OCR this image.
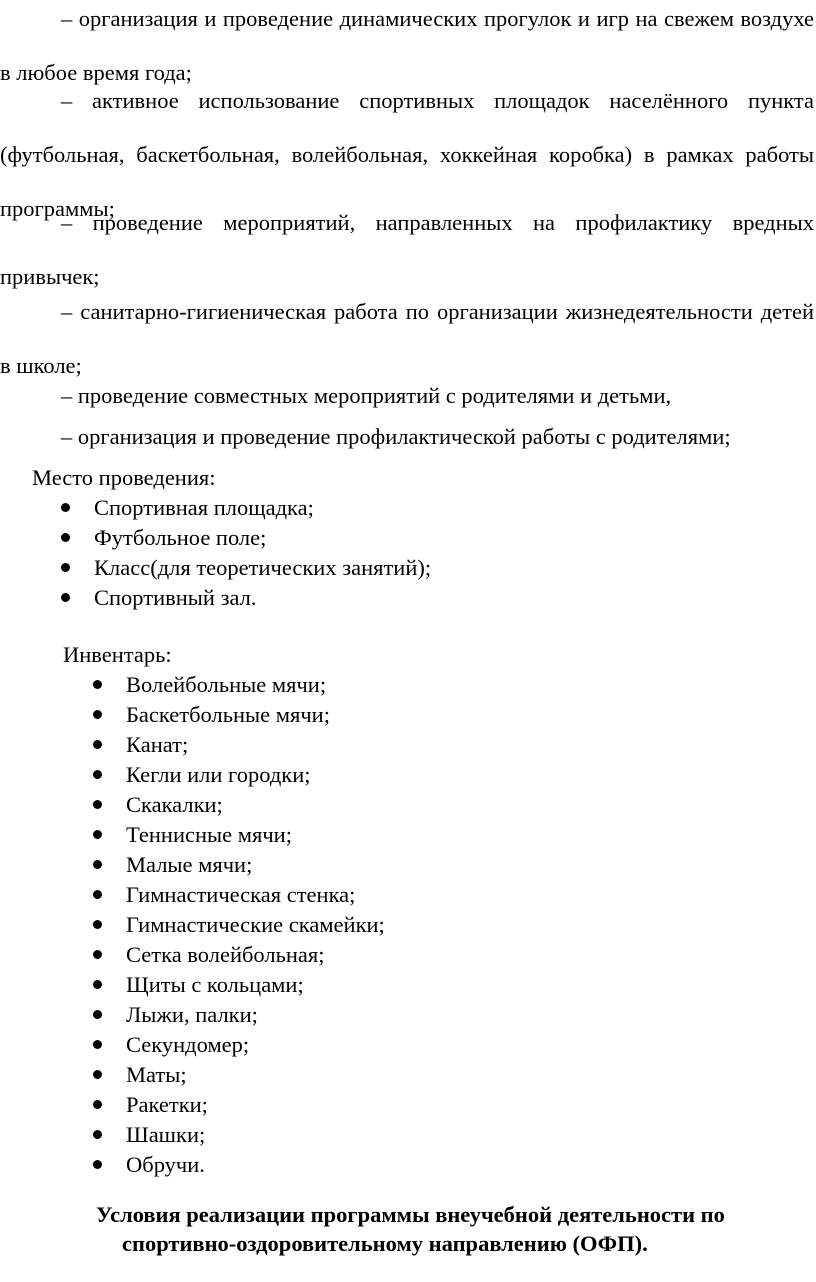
– организация и проведение динамических прогулок и игр на свежем воздухе в любое время года;

– активное использование спортивных площадок населённого пункта (футбольная, баскетбольная, волейбольная, хоккейная коробка) в рамках работы программы;

– проведение мероприятий, направленных на профилактику вредных привычек;

– санитарно-гигиеническая работа по организации жизнедеятельности детей в школе;

– проведение совместных мероприятий с родителями и детьми,

– организация и проведение профилактической работы с родителями;

Место проведения:

Спортивная площадка;
Футбольное поле;
Класс(для теоретических занятий);
Спортивный зал.

Инвентарь:

Волейбольные мячи;
Баскетбольные мячи;
Канат;
Кегли или городки;
Скакалки;
Теннисные мячи;
Малые мячи;
Гимнастическая стенка;
Гимнастические скамейки;
Сетка волейбольная;
Щиты с кольцами;
Лыжи, палки;
Секундомер;
Маты;
Ракетки;
Шашки;
Обручи.

Условия реализации программы внеучебной деятельности по

спортивно-оздоровительному направлению (ОФП).
